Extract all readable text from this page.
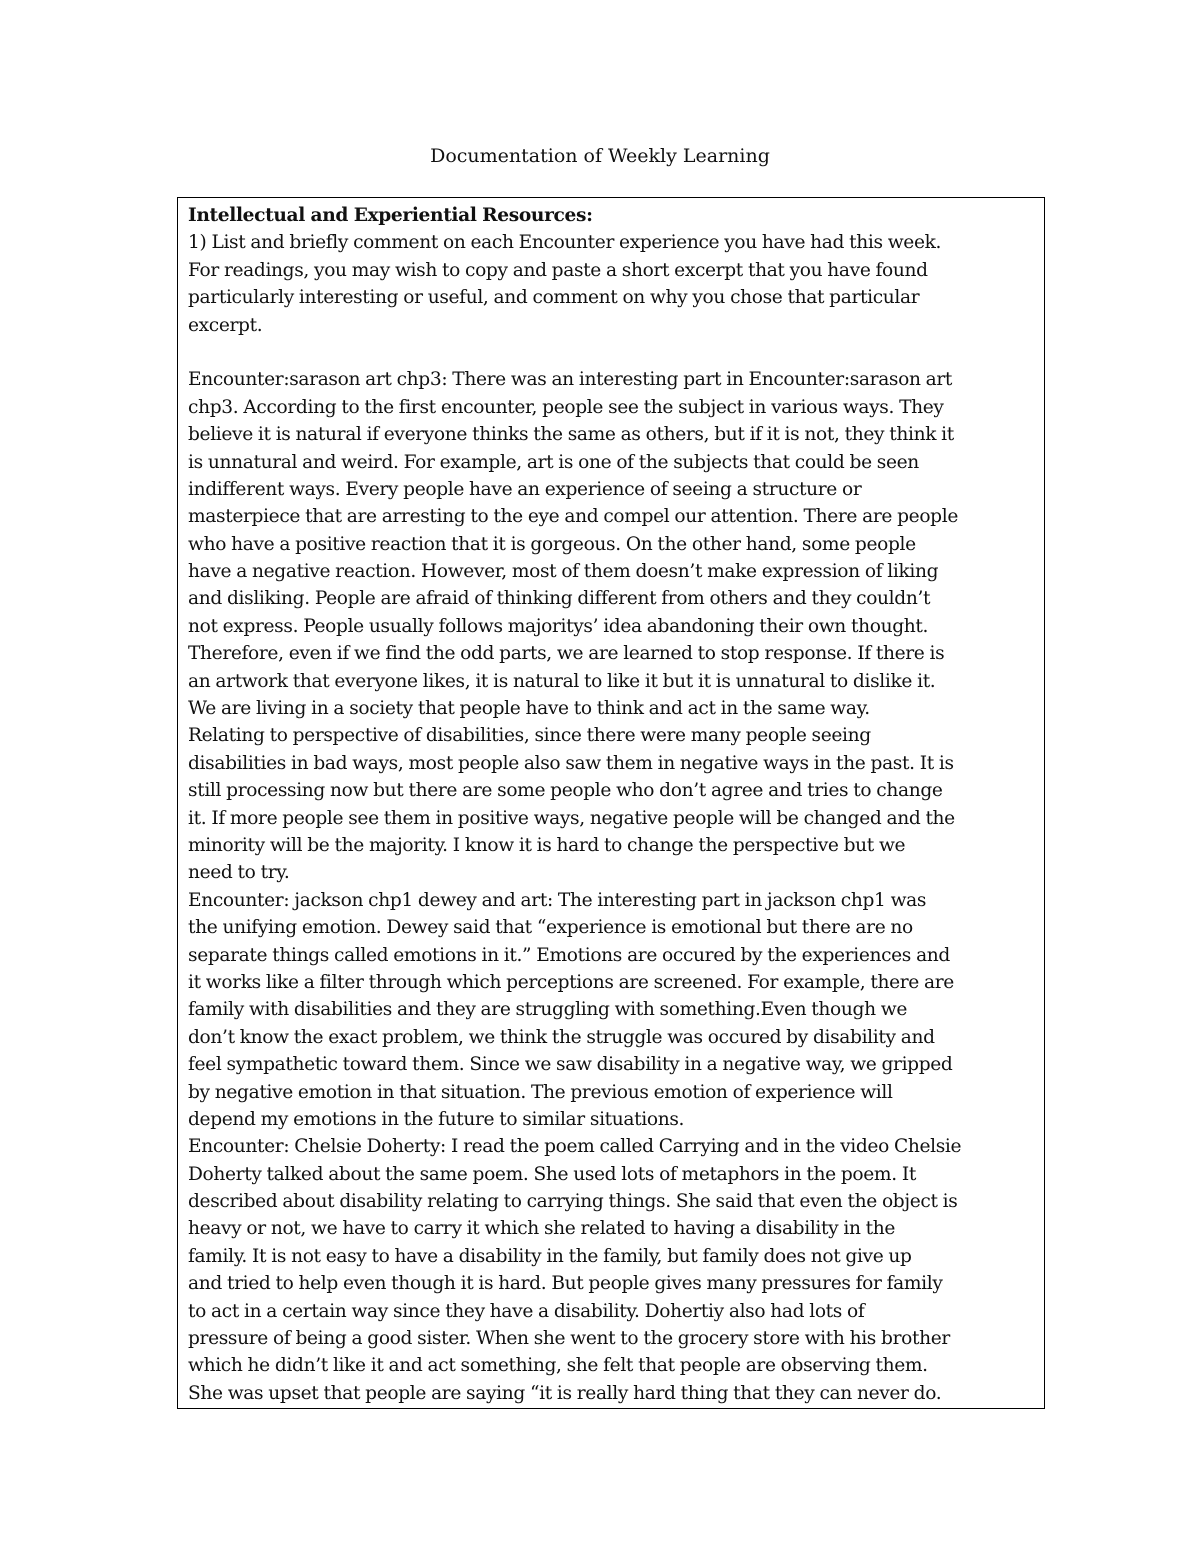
Documentation of Weekly Learning
Intellectual and Experiential Resources:
1) List and briefly comment on each Encounter experience you have had this week.
For readings, you may wish to copy and paste a short excerpt that you have found
particularly interesting or useful, and comment on why you chose that particular
excerpt.
Encounter:sarason art chp3: There was an interesting part in Encounter:sarason art
chp3. According to the first encounter, people see the subject in various ways. They
believe it is natural if everyone thinks the same as others, but if it is not, they think it
is unnatural and weird. For example, art is one of the subjects that could be seen
indifferent ways. Every people have an experience of seeing a structure or
masterpiece that are arresting to the eye and compel our attention. There are people
who have a positive reaction that it is gorgeous. On the other hand, some people
have a negative reaction. However, most of them doesn’t make expression of liking
and disliking. People are afraid of thinking different from others and they couldn’t
not express. People usually follows majoritys’ idea abandoning their own thought.
Therefore, even if we find the odd parts, we are learned to stop response. If there is
an artwork that everyone likes, it is natural to like it but it is unnatural to dislike it.
We are living in a society that people have to think and act in the same way.
Relating to perspective of disabilities, since there were many people seeing
disabilities in bad ways, most people also saw them in negative ways in the past. It is
still processing now but there are some people who don’t agree and tries to change
it. If more people see them in positive ways, negative people will be changed and the
minority will be the majority. I know it is hard to change the perspective but we
need to try.
Encounter: jackson chp1 dewey and art: The interesting part in jackson chp1 was
the unifying emotion. Dewey said that “experience is emotional but there are no
separate things called emotions in it.” Emotions are occured by the experiences and
it works like a filter through which perceptions are screened. For example, there are
family with disabilities and they are struggling with something.Even though we
don’t know the exact problem, we think the struggle was occured by disability and
feel sympathetic toward them. Since we saw disability in a negative way, we gripped
by negative emotion in that situation. The previous emotion of experience will
depend my emotions in the future to similar situations.
Encounter: Chelsie Doherty: I read the poem called Carrying and in the video Chelsie
Doherty talked about the same poem. She used lots of metaphors in the poem. It
described about disability relating to carrying things. She said that even the object is
heavy or not, we have to carry it which she related to having a disability in the
family. It is not easy to have a disability in the family, but family does not give up
and tried to help even though it is hard. But people gives many pressures for family
to act in a certain way since they have a disability. Dohertiy also had lots of
pressure of being a good sister. When she went to the grocery store with his brother
which he didn’t like it and act something, she felt that people are observing them.
She was upset that people are saying “it is really hard thing that they can never do.
